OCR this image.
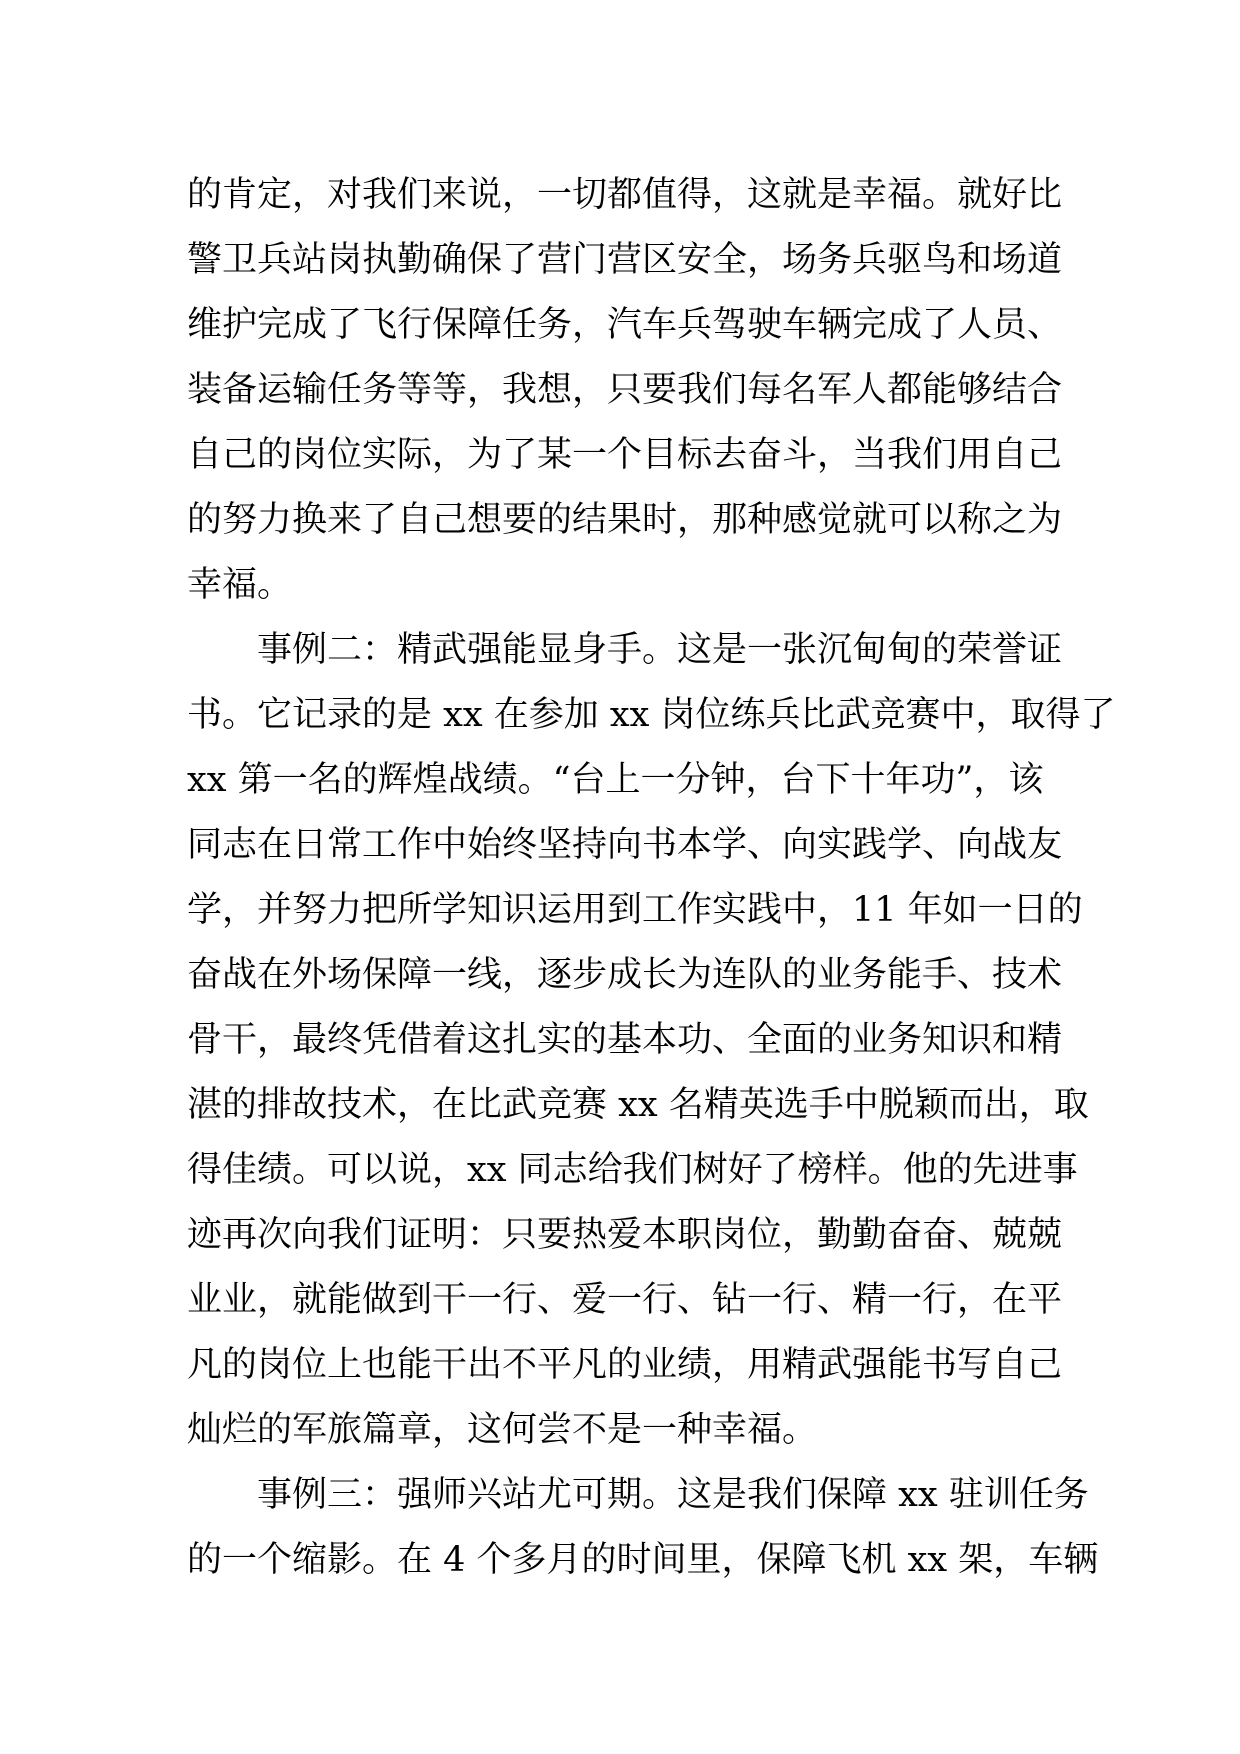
的肯定，对我们来说，一切都值得，这就是幸福。就好比
警卫兵站岗执勤确保了营门营区安全，场务兵驱鸟和场道
维护完成了飞行保障任务，汽车兵驾驶车辆完成了人员、
装备运输任务等等，我想，只要我们每名军人都能够结合
自己的岗位实际，为了某一个目标去奋斗，当我们用自己
的努力换来了自己想要的结果时，那种感觉就可以称之为
幸福。
事例二：精武强能显身手。这是一张沉甸甸的荣誉证
书。它记录的是 xx 在参加 xx 岗位练兵比武竞赛中，取得了
xx 第一名的辉煌战绩。“台上一分钟，台下十年功”，该
同志在日常工作中始终坚持向书本学、向实践学、向战友
学，并努力把所学知识运用到工作实践中，11 年如一日的
奋战在外场保障一线，逐步成长为连队的业务能手、技术
骨干，最终凭借着这扎实的基本功、全面的业务知识和精
湛的排故技术，在比武竞赛 xx 名精英选手中脱颖而出，取
得佳绩。可以说，xx 同志给我们树好了榜样。他的先进事
迹再次向我们证明：只要热爱本职岗位，勤勤奋奋、兢兢
业业，就能做到干一行、爱一行、钻一行、精一行，在平
凡的岗位上也能干出不平凡的业绩，用精武强能书写自己
灿烂的军旅篇章，这何尝不是一种幸福。
事例三：强师兴站尤可期。这是我们保障 xx 驻训任务
的一个缩影。在 4 个多月的时间里，保障飞机 xx 架，车辆
